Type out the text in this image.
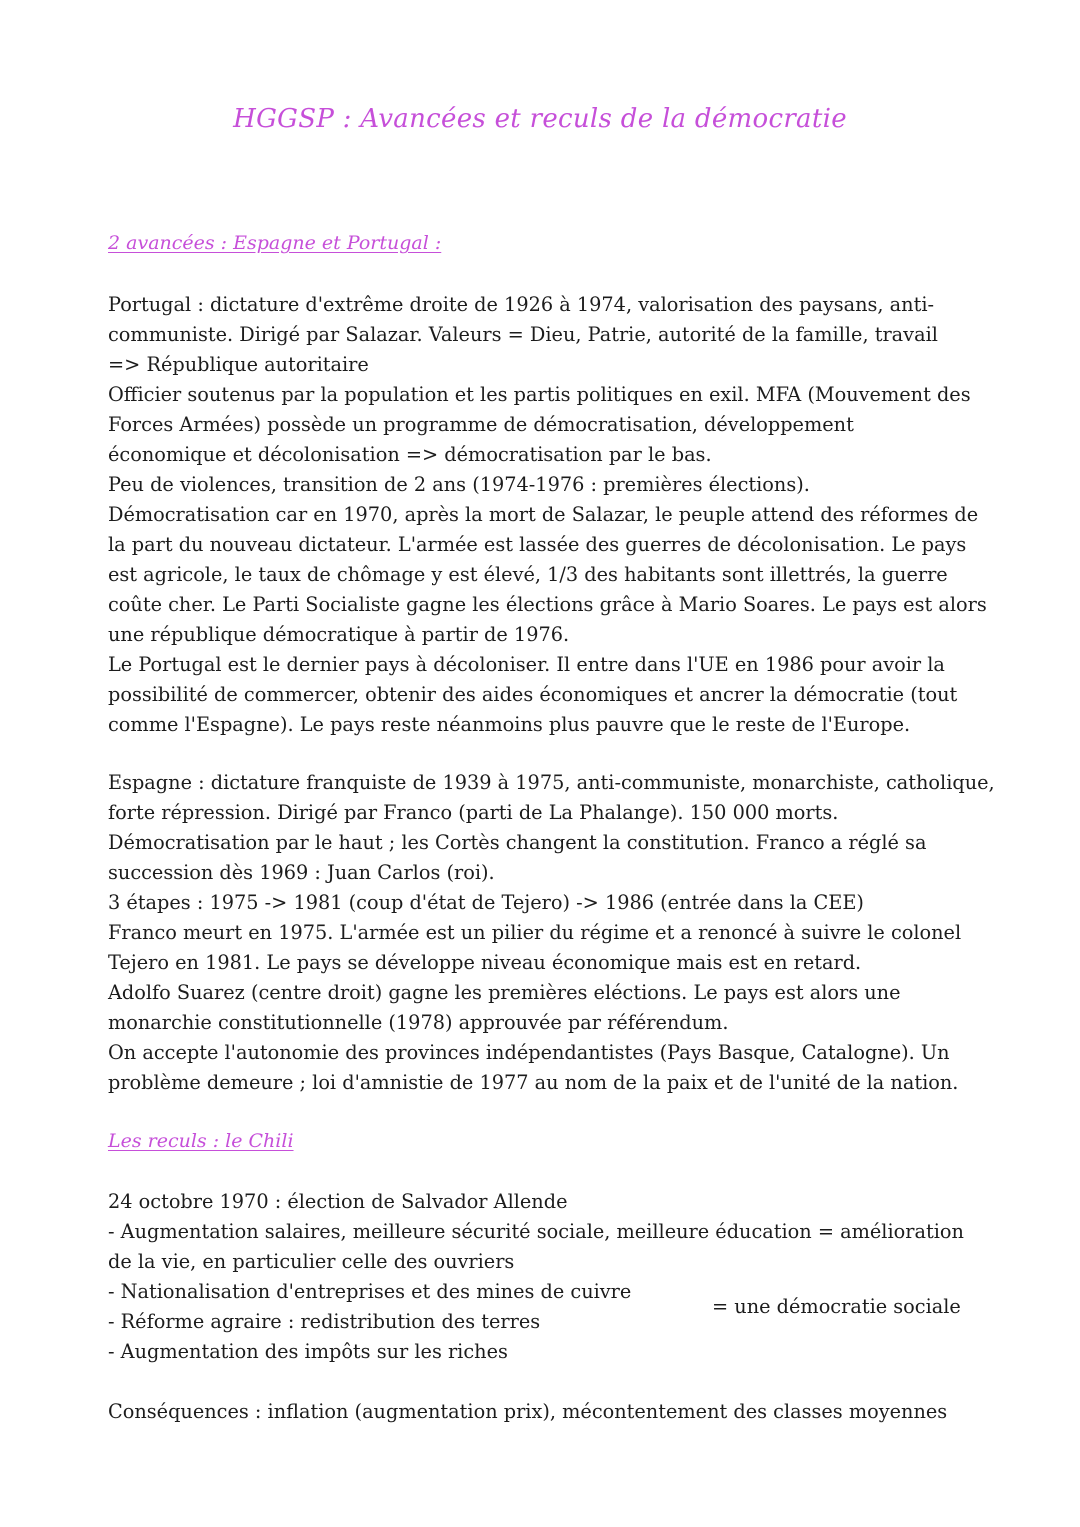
HGGSP : Avancées et reculs de la démocratie
2 avancées : Espagne et Portugal :
Portugal : dictature d'extrême droite de 1926 à 1974, valorisation des paysans, anti-
communiste. Dirigé par Salazar. Valeurs = Dieu, Patrie, autorité de la famille, travail
=> République autoritaire
Officier soutenus par la population et les partis politiques en exil. MFA (Mouvement des
Forces Armées) possède un programme de démocratisation, développement
économique et décolonisation => démocratisation par le bas.
Peu de violences, transition de 2 ans (1974-1976 : premières élections).
Démocratisation car en 1970, après la mort de Salazar, le peuple attend des réformes de
la part du nouveau dictateur. L'armée est lassée des guerres de décolonisation. Le pays
est agricole, le taux de chômage y est élevé, 1/3 des habitants sont illettrés, la guerre
coûte cher. Le Parti Socialiste gagne les élections grâce à Mario Soares. Le pays est alors
une république démocratique à partir de 1976.
Le Portugal est le dernier pays à décoloniser. Il entre dans l'UE en 1986 pour avoir la
possibilité de commercer, obtenir des aides économiques et ancrer la démocratie (tout
comme l'Espagne). Le pays reste néanmoins plus pauvre que le reste de l'Europe.
Espagne : dictature franquiste de 1939 à 1975, anti-communiste, monarchiste, catholique,
forte répression. Dirigé par Franco (parti de La Phalange). 150 000 morts.
Démocratisation par le haut ; les Cortès changent la constitution. Franco a réglé sa
succession dès 1969 : Juan Carlos (roi).
3 étapes : 1975 -> 1981 (coup d'état de Tejero) -> 1986 (entrée dans la CEE)
Franco meurt en 1975. L'armée est un pilier du régime et a renoncé à suivre le colonel
Tejero en 1981. Le pays se développe niveau économique mais est en retard.
Adolfo Suarez (centre droit) gagne les premières eléctions. Le pays est alors une
monarchie constitutionnelle (1978) approuvée par référendum.
On accepte l'autonomie des provinces indépendantistes (Pays Basque, Catalogne). Un
problème demeure ; loi d'amnistie de 1977 au nom de la paix et de l'unité de la nation.
Les reculs : le Chili
24 octobre 1970 : élection de Salvador Allende
- Augmentation salaires, meilleure sécurité sociale, meilleure éducation = amélioration
de la vie, en particulier celle des ouvriers
- Nationalisation d'entreprises et des mines de cuivre
- Réforme agraire : redistribution des terres
- Augmentation des impôts sur les riches
= une démocratie sociale
Conséquences : inflation (augmentation prix), mécontentement des classes moyennes
